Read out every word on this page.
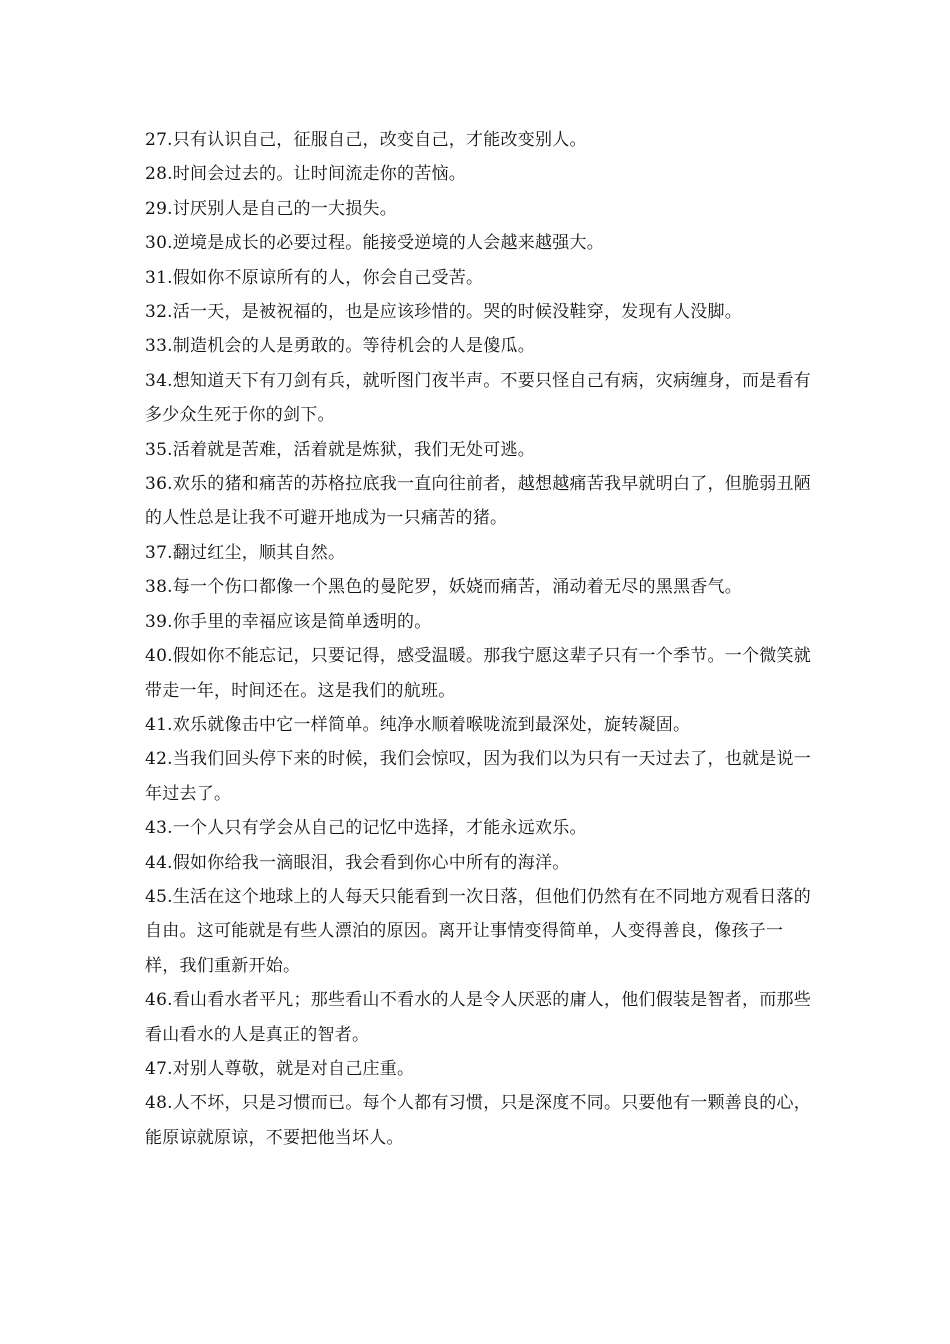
27.只有认识自己，征服自己，改变自己，才能改变别人。
28.时间会过去的。让时间流走你的苦恼。
29.讨厌别人是自己的一大损失。
30.逆境是成长的必要过程。能接受逆境的人会越来越强大。
31.假如你不原谅所有的人，你会自己受苦。
32.活一天，是被祝福的，也是应该珍惜的。哭的时候没鞋穿，发现有人没脚。
33.制造机会的人是勇敢的。等待机会的人是傻瓜。
34.想知道天下有刀剑有兵，就听图门夜半声。不要只怪自己有病，灾病缠身，而是看有多少众生死于你的剑下。
35.活着就是苦难，活着就是炼狱，我们无处可逃。
36.欢乐的猪和痛苦的苏格拉底我一直向往前者，越想越痛苦我早就明白了，但脆弱丑陋的人性总是让我不可避开地成为一只痛苦的猪。
37.翻过红尘，顺其自然。
38.每一个伤口都像一个黑色的曼陀罗，妖娆而痛苦，涌动着无尽的黑黑香气。
39.你手里的幸福应该是简单透明的。
40.假如你不能忘记，只要记得，感受温暖。那我宁愿这辈子只有一个季节。一个微笑就带走一年，时间还在。这是我们的航班。
41.欢乐就像击中它一样简单。纯净水顺着喉咙流到最深处，旋转凝固。
42.当我们回头停下来的时候，我们会惊叹，因为我们以为只有一天过去了，也就是说一年过去了。
43.一个人只有学会从自己的记忆中选择，才能永远欢乐。
44.假如你给我一滴眼泪，我会看到你心中所有的海洋。
45.生活在这个地球上的人每天只能看到一次日落，但他们仍然有在不同地方观看日落的自由。这可能就是有些人漂泊的原因。离开让事情变得简单，人变得善良，像孩子一样，我们重新开始。
46.看山看水者平凡；那些看山不看水的人是令人厌恶的庸人，他们假装是智者，而那些看山看水的人是真正的智者。
47.对别人尊敬，就是对自己庄重。
48.人不坏，只是习惯而已。每个人都有习惯，只是深度不同。只要他有一颗善良的心，能原谅就原谅，不要把他当坏人。
